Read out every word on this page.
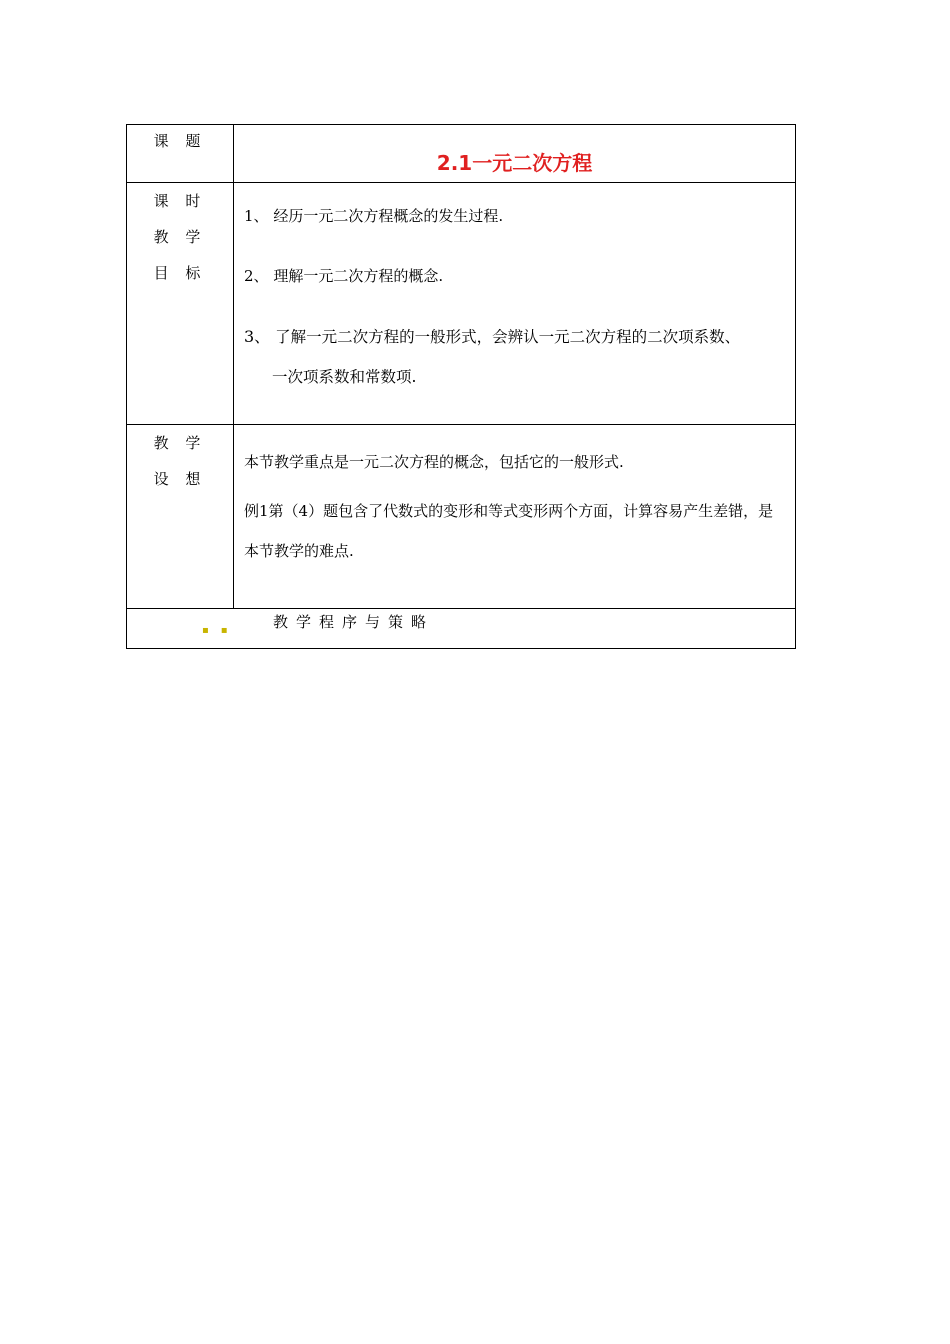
课 题	2.1一元二次方程

课 时
教 学
目 标	1、 经历一元二次方程概念的发生过程.
2、 理解一元二次方程的概念.
3、 了解一元二次方程的一般形式，会辨认一元二次方程的二次项系数、
一次项系数和常数项.

教 学
设 想	本节教学重点是一元二次方程的概念，包括它的一般形式.
例1第（4）题包含了代数式的变形和等式变形两个方面，计算容易产生差错，是本节教学的难点.

▪▪ 教学程序与策略	
